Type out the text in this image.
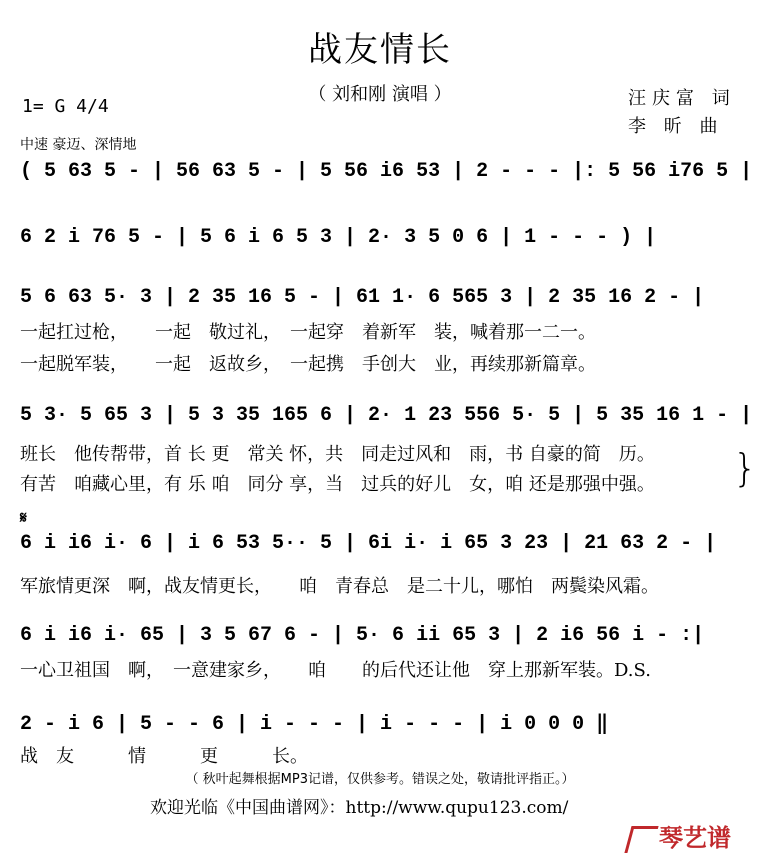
战友情长
（ 刘和刚 演唱 ）	汪庆富 词
李 昕 曲
1= G 4/4
中速 豪迈、深情地
( 5 63 5 - | 56 63 5 - | 5 56 i6 53 | 2 - - - |: 5 56 i76 5 |
6 2 i 76 5 - | 5 6 i 6 5 3 | 2· 3 5 0 6 | 1 - - - ) |
5 6 63 5· 3 | 2 35 16 5 - | 61 1· 6 565 3 | 2 35 16 2 - |
一起扛过枪，　　一起　敬过礼，　一起穿　着新军　装，喊着那一二一。
一起脱军装，　　一起　返故乡，　一起携　手创大　业，再续那新篇章。
5 3· 5 65 3 | 5 3 35 165 6 | 2· 1 23 556 5· 5 | 5 35 16 1 - |
班长　他传帮带，首 长 更　常关 怀，共　同走过风和　雨，书 自豪的简　历。
有苦　咱藏心里，有 乐 咱　同分 享，当　过兵的好儿　女，咱 还是那强中强。 }
𝄋
6 i i6 i· 6 | i 6 53 5·· 5 | 6i i· i 65 3 23 | 21 63 2 - |
军旅情更深　啊，战友情更长，　　咱　青春总　是二十儿，哪怕　两鬓染风霜。
6 i i6 i· 65 | 3 5 67 6 - | 5· 6 ii 65 3 | 2 i6 56 i - :|
一心卫祖国　啊，　一意建家乡，　　咱　　的后代还让他　穿上那新军装。D.S.
2 - i 6 | 5 - - 6 | i - - - | i - - - | i 0 0 0 ‖
战　友　　　情　　　更　　　长。
（ 秋叶起舞根据MP3记谱，仅供参考。错误之处，敬请批评指正。）
欢迎光临《中国曲谱网》：http://www.qupu123.com/
琴艺谱
